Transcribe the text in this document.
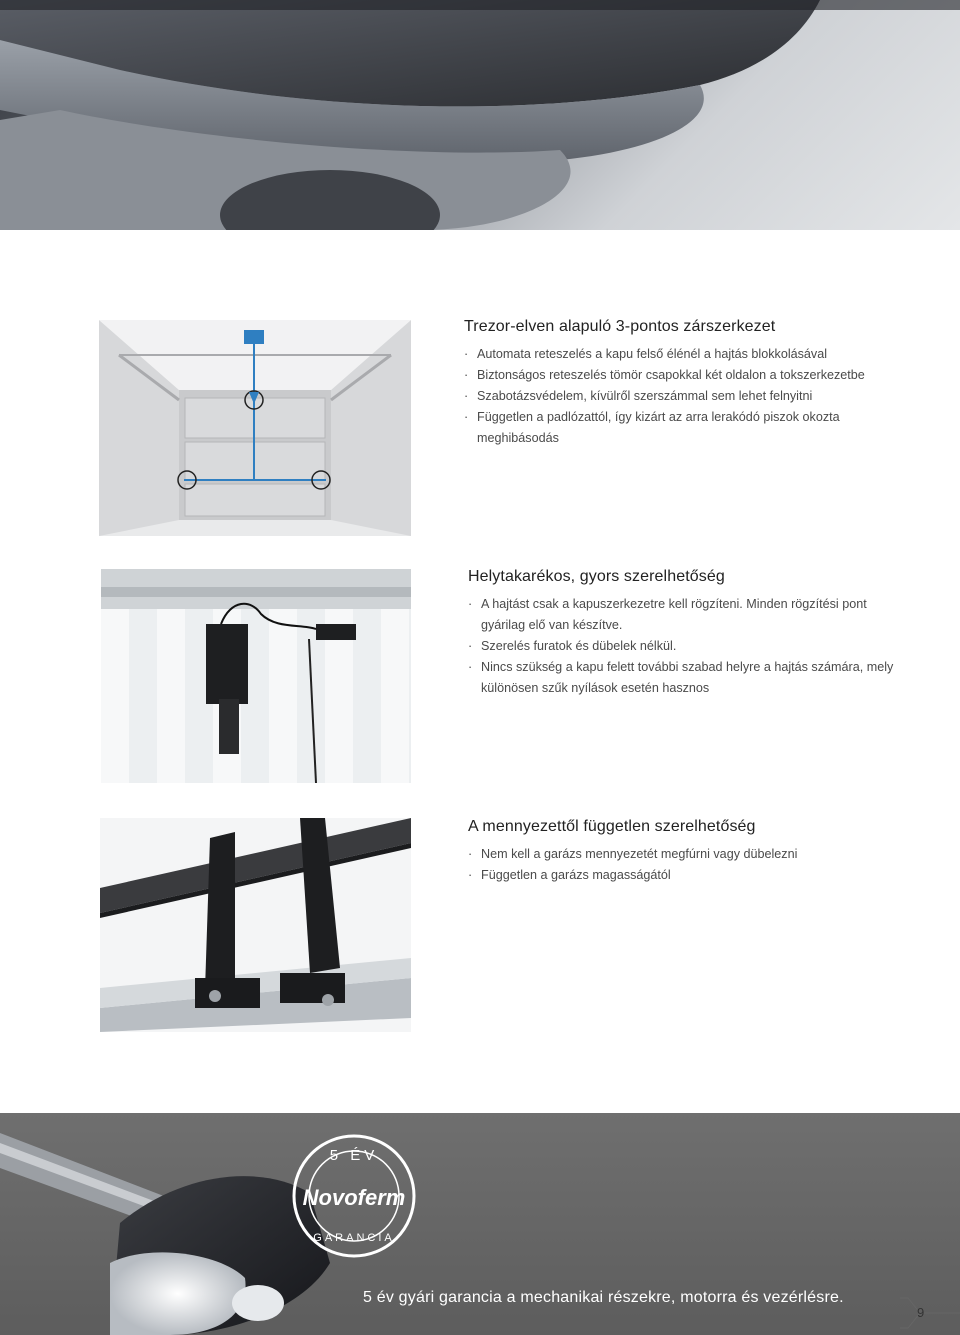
Trezor-elven alapuló 3-pontos zárszerkezet
· Automata reteszelés a kapu felső élénél a hajtás blokkolásával
· Biztonságos reteszelés tömör csapokkal két oldalon a tokszerkezetbe
· Szabotázsvédelem, kívülről szerszámmal sem lehet felnyitni
· Független a padlózattól, így kizárt az arra lerakódó piszok okozta meghibásodás
Helytakarékos, gyors szerelhetőség
· A hajtást csak a kapuszerkezetre kell rögzíteni. Minden rögzítési pont gyárilag elő van készítve.
· Szerelés furatok és dübelek nélkül.
· Nincs szükség a kapu felett további szabad helyre a hajtás számára, mely különösen szűk nyílások esetén hasznos
A mennyezettől független szerelhetőség
· Nem kell a garázs mennyezetét megfúrni vagy dübelezni
· Független a garázs magasságától
5 ÉV
Novoferm
GARANCIA
5 év gyári garancia a mechanikai részekre, motorra és vezérlésre.
9
